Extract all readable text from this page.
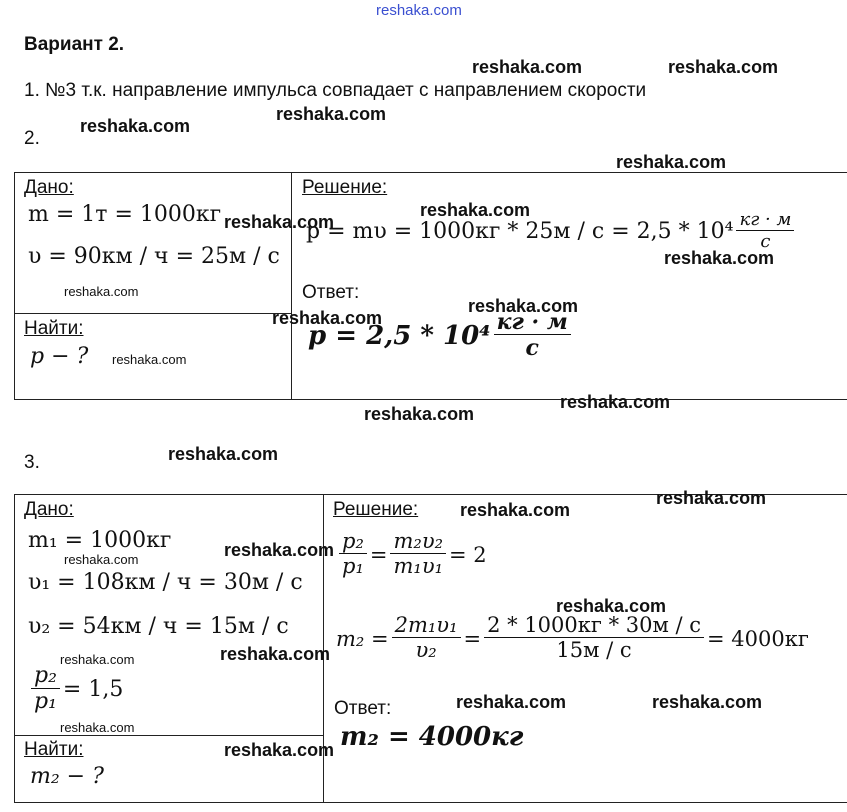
reshaka.com
Вариант 2.
1. №3 т.к. направление импульса совпадает с направлением скорости
2.
Дано:
m = 1т = 1000кг
υ = 90км / ч = 25м / с
Найти:
p − ?
Решение:
$p = m\upsilon = 1000кг * 25м / с = 2,5 * 10^4 \frac{кг \cdot м}{с}$
Ответ:
$p = 2,5 * 10^4 \frac{кг \cdot м}{с}$
3.
Дано:
m₁ = 1000кг
υ₁ = 108км / ч = 30м / с
υ₂ = 54км / ч = 15м / с
$\frac{\text{p₂}}{\text{p₁}} = 1,5$
Найти:
m₂ − ?
Решение:
$\frac{\text{p₂}}{\text{p₁}} = \frac{\text{m₂υ₂}}{\text{m₁υ₁}} = 2$
$m_2 = \frac{\text{2m₁υ₁}}{\text{υ₂}} = \frac{2 * 1000кг * 30м / с}{15м / с} = 4000кг$
Ответ:
m₂ = 4000кг
reshaka.com	reshaka.com
reshaka.com
reshaka.com
reshaka.com
reshaka.com
reshaka.com
reshaka.com
reshaka.com
reshaka.com
reshaka.com
reshaka.com
reshaka.com
reshaka.com
reshaka.com
reshaka.com
reshaka.com
reshaka.com
reshaka.com
reshaka.com
reshaka.com
reshaka.com
reshaka.com	reshaka.com
reshaka.com
reshaka.com
